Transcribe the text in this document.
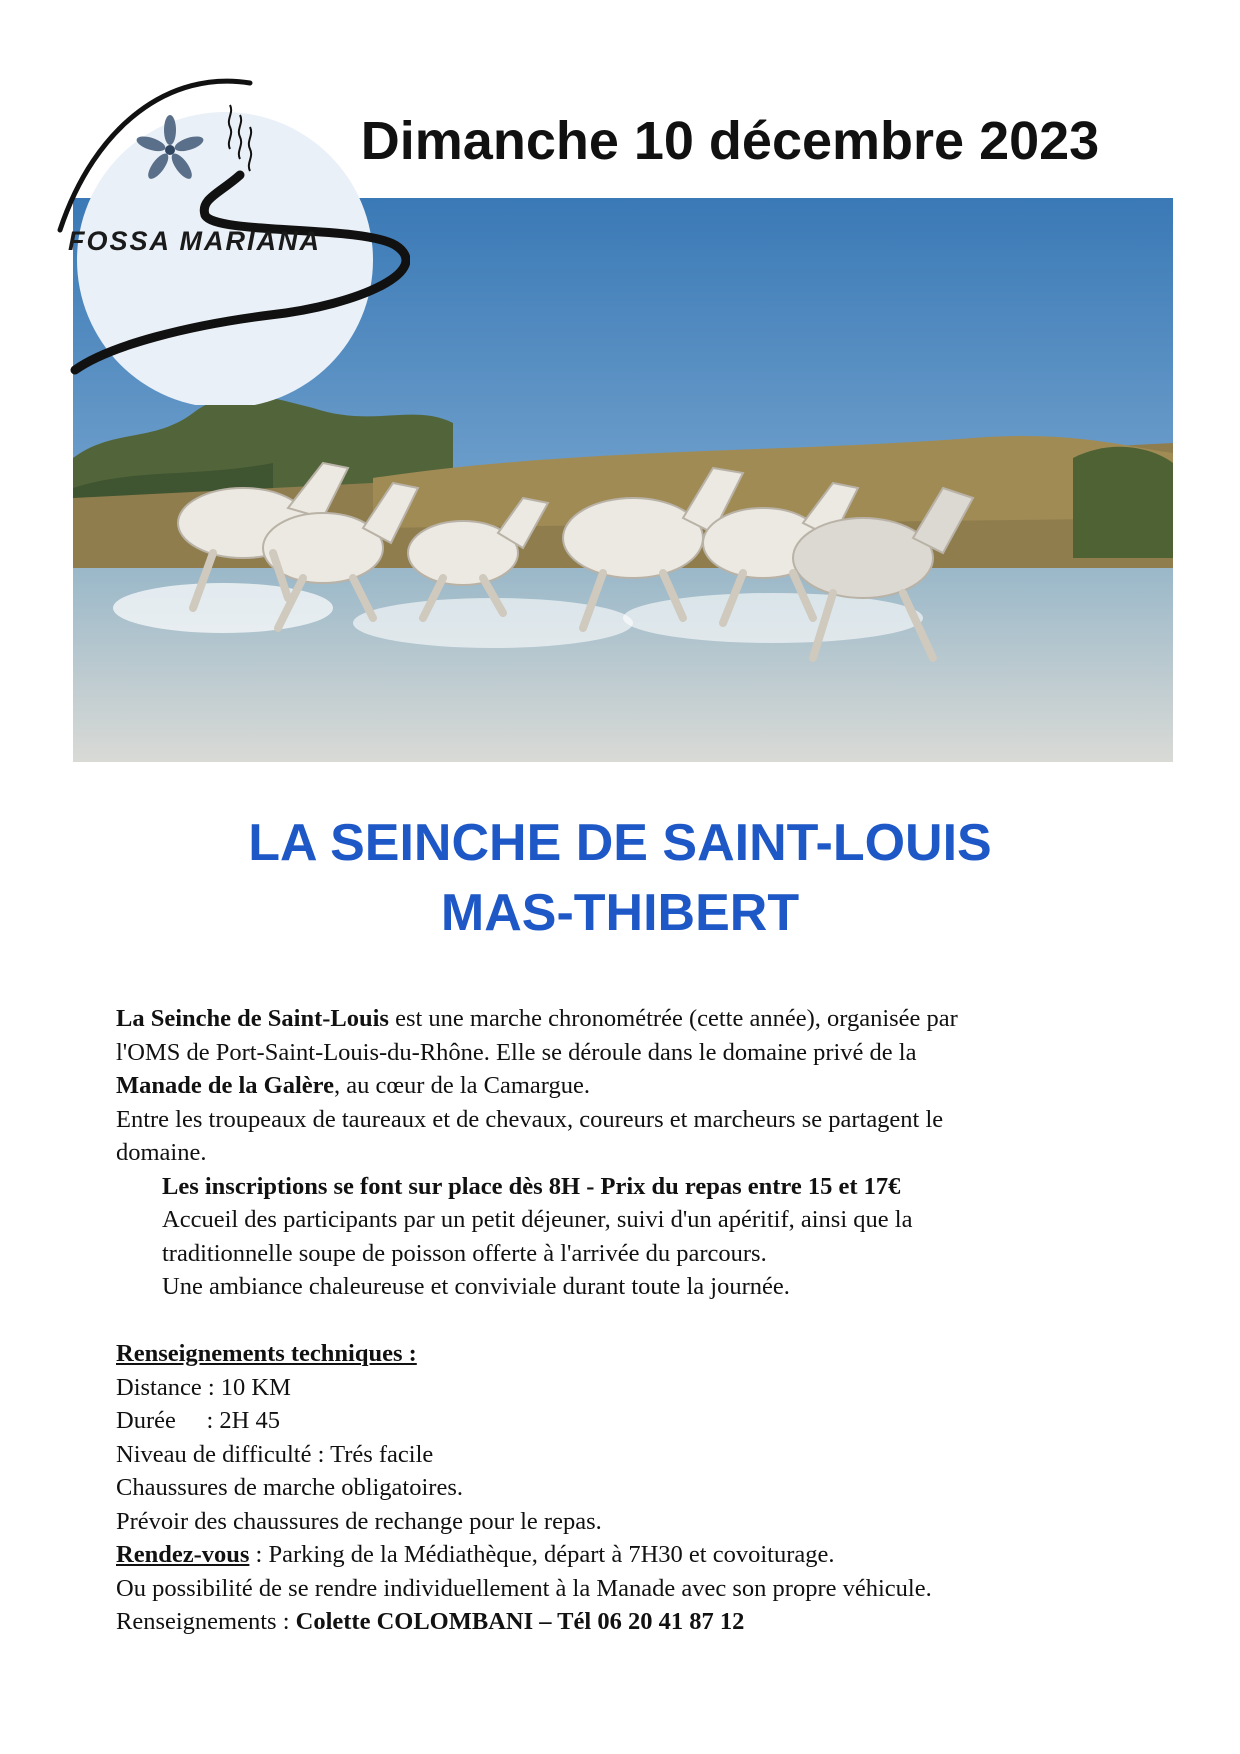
FOSSA MARIANA
Dimanche 10 décembre 2023
LA SEINCHE DE SAINT-LOUIS
MAS-THIBERT

La Seinche de Saint-Louis est une marche chronométrée (cette année), organisée par

l'OMS de Port-Saint-Louis-du-Rhône. Elle se déroule dans le domaine privé de la

Manade de la Galère, au cœur de la Camargue.

Entre les troupeaux de taureaux et de chevaux, coureurs et marcheurs se partagent le

domaine.

Les inscriptions se font sur place dès 8H - Prix du repas entre 15 et 17€

Accueil des participants par un petit déjeuner, suivi d'un apéritif, ainsi que la

traditionnelle soupe de poisson offerte à l'arrivée du parcours.

Une ambiance chaleureuse et conviviale durant toute la journée.

Renseignements techniques :

Distance : 10 KM

Durée     : 2H 45

Niveau de difficulté : Trés facile

Chaussures de marche obligatoires.

Prévoir des chaussures de rechange pour le repas.

Rendez-vous : Parking de la Médiathèque, départ à 7H30 et covoiturage.

Ou possibilité de se rendre individuellement à la Manade avec son propre véhicule.

Renseignements : Colette COLOMBANI – Tél 06 20 41 87 12
